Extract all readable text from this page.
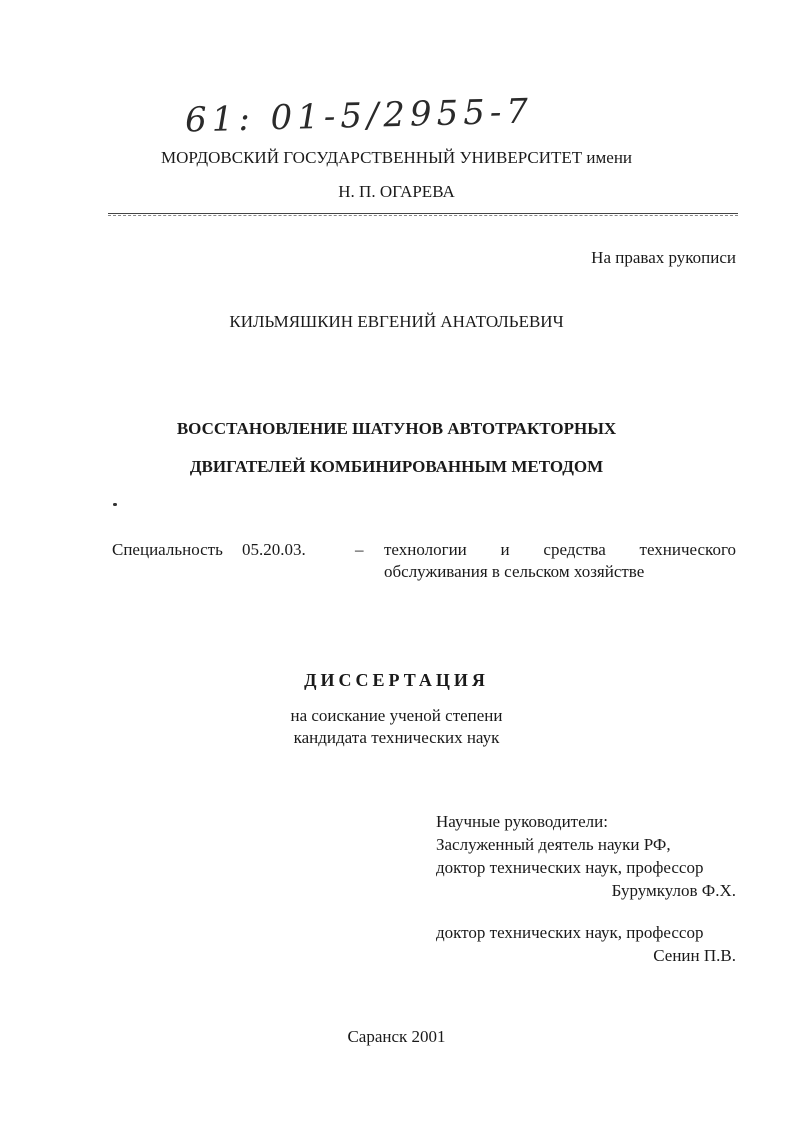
61: 01-5/2955-7
МОРДОВСКИЙ ГОСУДАРСТВЕННЫЙ УНИВЕРСИТЕТ имени
Н. П. ОГАРЕВА
На правах рукописи
КИЛЬМЯШКИН ЕВГЕНИЙ АНАТОЛЬЕВИЧ
ВОССТАНОВЛЕНИЕ ШАТУНОВ АВТОТРАКТОРНЫХ
ДВИГАТЕЛЕЙ КОМБИНИРОВАННЫМ МЕТОДОМ
Специальность 05.20.03.	– технологии и средства технического
обслуживания в сельском хозяйстве
ДИССЕРТАЦИЯ
на соискание ученой степени
кандидата технических наук
Научные руководители:
Заслуженный деятель науки РФ,
доктор технических наук, профессор
Бурумкулов Ф.Х.
доктор технических наук, профессор
Сенин П.В.
Саранск 2001
